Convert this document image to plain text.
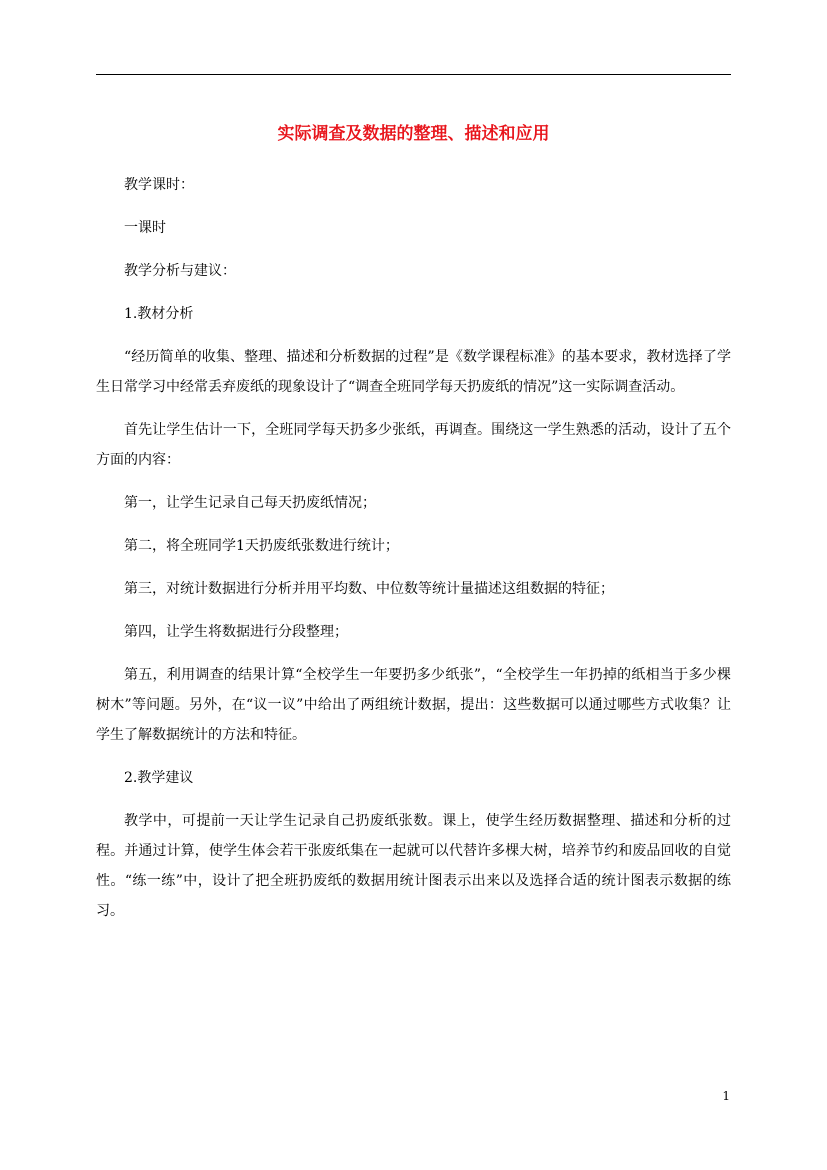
实际调查及数据的整理、描述和应用

教学课时：

一课时

教学分析与建议：

1.教材分析

“经历简单的收集、整理、描述和分析数据的过程”是《数学课程标准》的基本要求，教材选择了学生日常学习中经常丢弃废纸的现象设计了“调查全班同学每天扔废纸的情况”这一实际调查活动。

首先让学生估计一下，全班同学每天扔多少张纸，再调查。围绕这一学生熟悉的活动，设计了五个方面的内容：

第一，让学生记录自己每天扔废纸情况；

第二，将全班同学1天扔废纸张数进行统计；

第三，对统计数据进行分析并用平均数、中位数等统计量描述这组数据的特征；

第四，让学生将数据进行分段整理；

第五，利用调查的结果计算“全校学生一年要扔多少纸张”，“全校学生一年扔掉的纸相当于多少棵树木”等问题。另外，在“议一议”中给出了两组统计数据，提出：这些数据可以通过哪些方式收集？让学生了解数据统计的方法和特征。

2.教学建议

教学中，可提前一天让学生记录自己扔废纸张数。课上，使学生经历数据整理、描述和分析的过程。并通过计算，使学生体会若干张废纸集在一起就可以代替许多棵大树，培养节约和废品回收的自觉性。“练一练”中，设计了把全班扔废纸的数据用统计图表示出来以及选择合适的统计图表示数据的练习。

1
